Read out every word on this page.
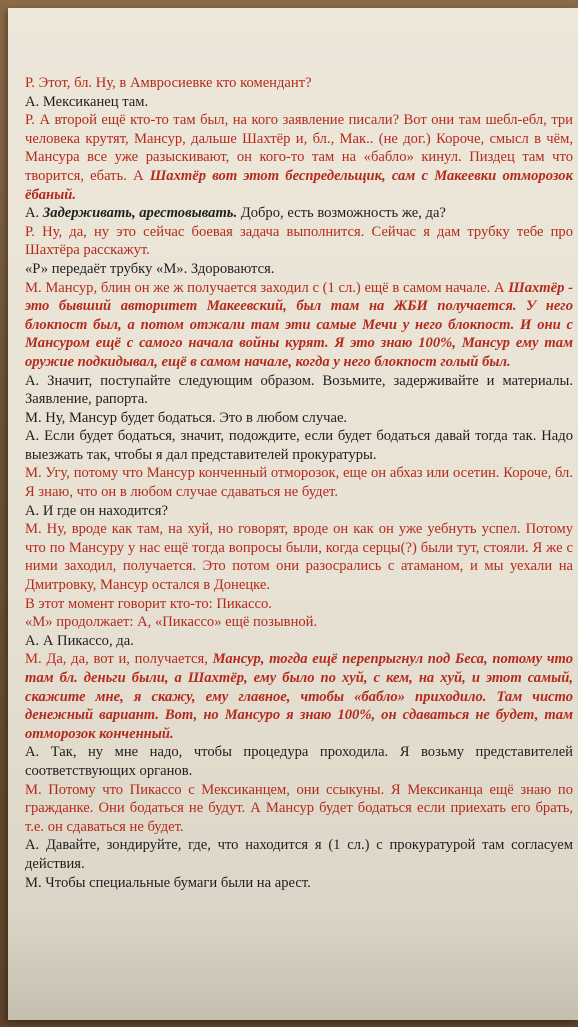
Р. Этот, бл. Ну, в Амвросиевке кто комендант?

А. Мексиканец там.

Р. А второй ещё кто-то там был, на кого заявление писали? Вот они там шебл-ебл, три человека крутят, Мансур, дальше Шахтёр и, бл., Мак.. (не дог.) Короче, смысл в чём, Мансура все уже разыскивают, он кого-то там на «бабло» кинул. Пиздец там что творится, ебать. А Шахтёр вот этот беспредельщик, сам с Макеевки отморозок ёбаный.

А. Задерживать, арестовывать. Добро, есть возможность же, да?

Р. Ну, да, ну это сейчас боевая задача выполнится. Сейчас я дам трубку тебе про Шахтёра расскажут.

«Р» передаёт трубку «М». Здороваются.

М. Мансур, блин он же ж получается заходил с (1 сл.) ещё в самом начале. А Шахтёр - это бывший авторитет Макеевский, был там на ЖБИ получается. У него блокпост был, а потом отжали там эти самые Мечи у него блокпост. И они с Мансуром ещё с самого начала войны курят. Я это знаю 100%, Мансур ему там оружие подкидывал, ещё в самом начале, когда у него блокпост голый был.

А. Значит, поступайте следующим образом. Возьмите, задерживайте и материалы. Заявление, рапорта.

М. Ну, Мансур будет бодаться. Это в любом случае.

А. Если будет бодаться, значит, подождите, если будет бодаться давай тогда так. Надо выезжать так, чтобы я дал представителей прокуратуры.

М. Угу, потому что Мансур конченный отморозок, еще он абхаз или осетин. Короче, бл. Я знаю, что он в любом случае сдаваться не будет.

А. И где он находится?

М. Ну, вроде как там, на хуй, но говорят, вроде он как он уже уебнуть успел. Потому что по Мансуру у нас ещё тогда вопросы были, когда серцы(?) были тут, стояли. Я же с ними заходил, получается. Это потом они разосрались с атаманом, и мы уехали на Дмитровку, Мансур остался в Донецке.

В этот момент говорит кто-то: Пикассо.

«М» продолжает: А, «Пикассо» ещё позывной.

А. А Пикассо, да.

М. Да, да, вот и, получается, Мансур, тогда ещё перепрыгнул под Беса, потому что там бл. деньги были, а Шахтёр, ему было по хуй, с кем, на хуй, и этот самый, скажите мне, я скажу, ему главное, чтобы «бабло» приходило. Там чисто денежный вариант. Вот, но Мансуро я знаю 100%, он сдаваться не будет, там отморозок конченный.

А. Так, ну мне надо, чтобы процедура проходила. Я возьму представителей соответствующих органов.

М. Потому что Пикассо с Мексиканцем, они ссыкуны. Я Мексиканца ещё знаю по гражданке. Они бодаться не будут. А Мансур будет бодаться если приехать его брать, т.е. он сдаваться не будет.

А. Давайте, зондируйте, где, что находится я (1 сл.) с прокуратурой там согласуем действия.

М. Чтобы специальные бумаги были на арест.
